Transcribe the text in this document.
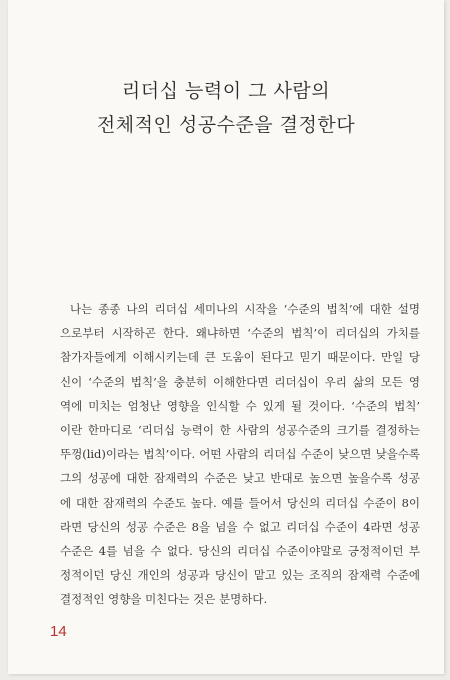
리더십 능력이 그 사람의
전체적인 성공수준을 결정한다
나는 종종 나의 리더십 세미나의 시작을 ‘수준의 법칙’에 대한 설명
으로부터 시작하곤 한다. 왜냐하면 ‘수준의 법칙’이 리더십의 가치를
참가자들에게 이해시키는데 큰 도움이 된다고 믿기 때문이다. 만일 당
신이 ‘수준의 법칙’을 충분히 이해한다면 리더십이 우리 삶의 모든 영
역에 미치는 엄청난 영향을 인식할 수 있게 될 것이다. ‘수준의 법칙’
이란 한마디로 ‘리더십 능력이 한 사람의 성공수준의 크기를 결정하는
뚜껑(lid)이라는 법칙’이다. 어떤 사람의 리더십 수준이 낮으면 낮을수록
그의 성공에 대한 잠재력의 수준은 낮고 반대로 높으면 높을수록 성공
에 대한 잠재력의 수준도 높다. 예를 들어서 당신의 리더십 수준이 8이
라면 당신의 성공 수준은 8을 넘을 수 없고 리더십 수준이 4라면 성공
수준은 4를 넘을 수 없다. 당신의 리더십 수준이야말로 긍정적이던 부
정적이던 당신 개인의 성공과 당신이 맡고 있는 조직의 잠재력 수준에
결정적인 영향을 미친다는 것은 분명하다.
14
